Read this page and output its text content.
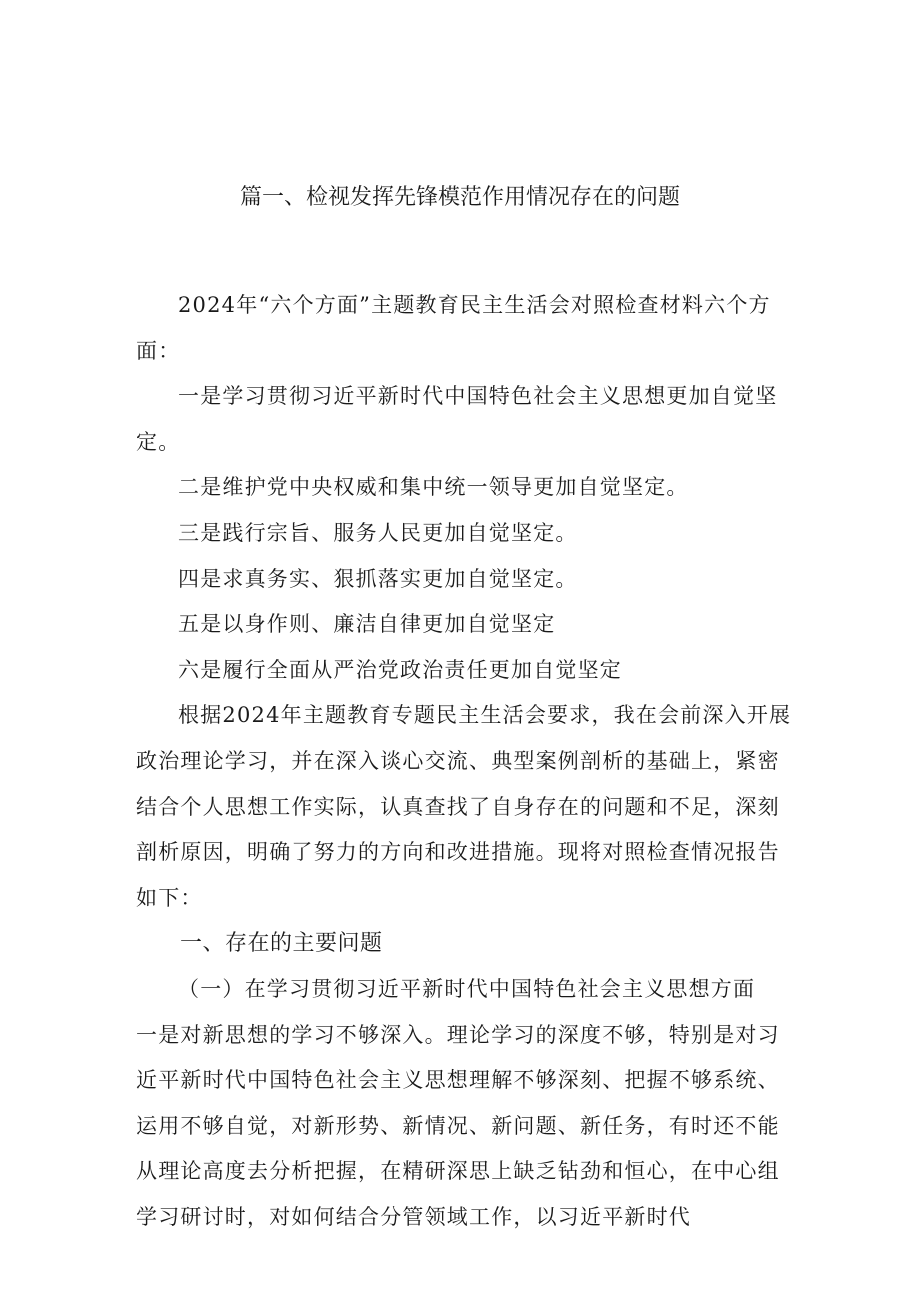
篇一、检视发挥先锋模范作用情况存在的问题

2024年“六个方面”主题教育民主生活会对照检查材料六个方面：

一是学习贯彻习近平新时代中国特色社会主义思想更加自觉坚定。

二是维护党中央权威和集中统一领导更加自觉坚定。

三是践行宗旨、服务人民更加自觉坚定。

四是求真务实、狠抓落实更加自觉坚定。

五是以身作则、廉洁自律更加自觉坚定

六是履行全面从严治党政治责任更加自觉坚定

根据2024年主题教育专题民主生活会要求，我在会前深入开展政治理论学习，并在深入谈心交流、典型案例剖析的基础上，紧密结合个人思想工作实际，认真查找了自身存在的问题和不足，深刻剖析原因，明确了努力的方向和改进措施。现将对照检查情况报告如下：

一、存在的主要问题

（一）在学习贯彻习近平新时代中国特色社会主义思想方面

一是对新思想的学习不够深入。理论学习的深度不够，特别是对习近平新时代中国特色社会主义思想理解不够深刻、把握不够系统、运用不够自觉，对新形势、新情况、新问题、新任务，有时还不能从理论高度去分析把握，在精研深思上缺乏钻劲和恒心，在中心组学习研讨时，对如何结合分管领域工作，以习近平新时代
